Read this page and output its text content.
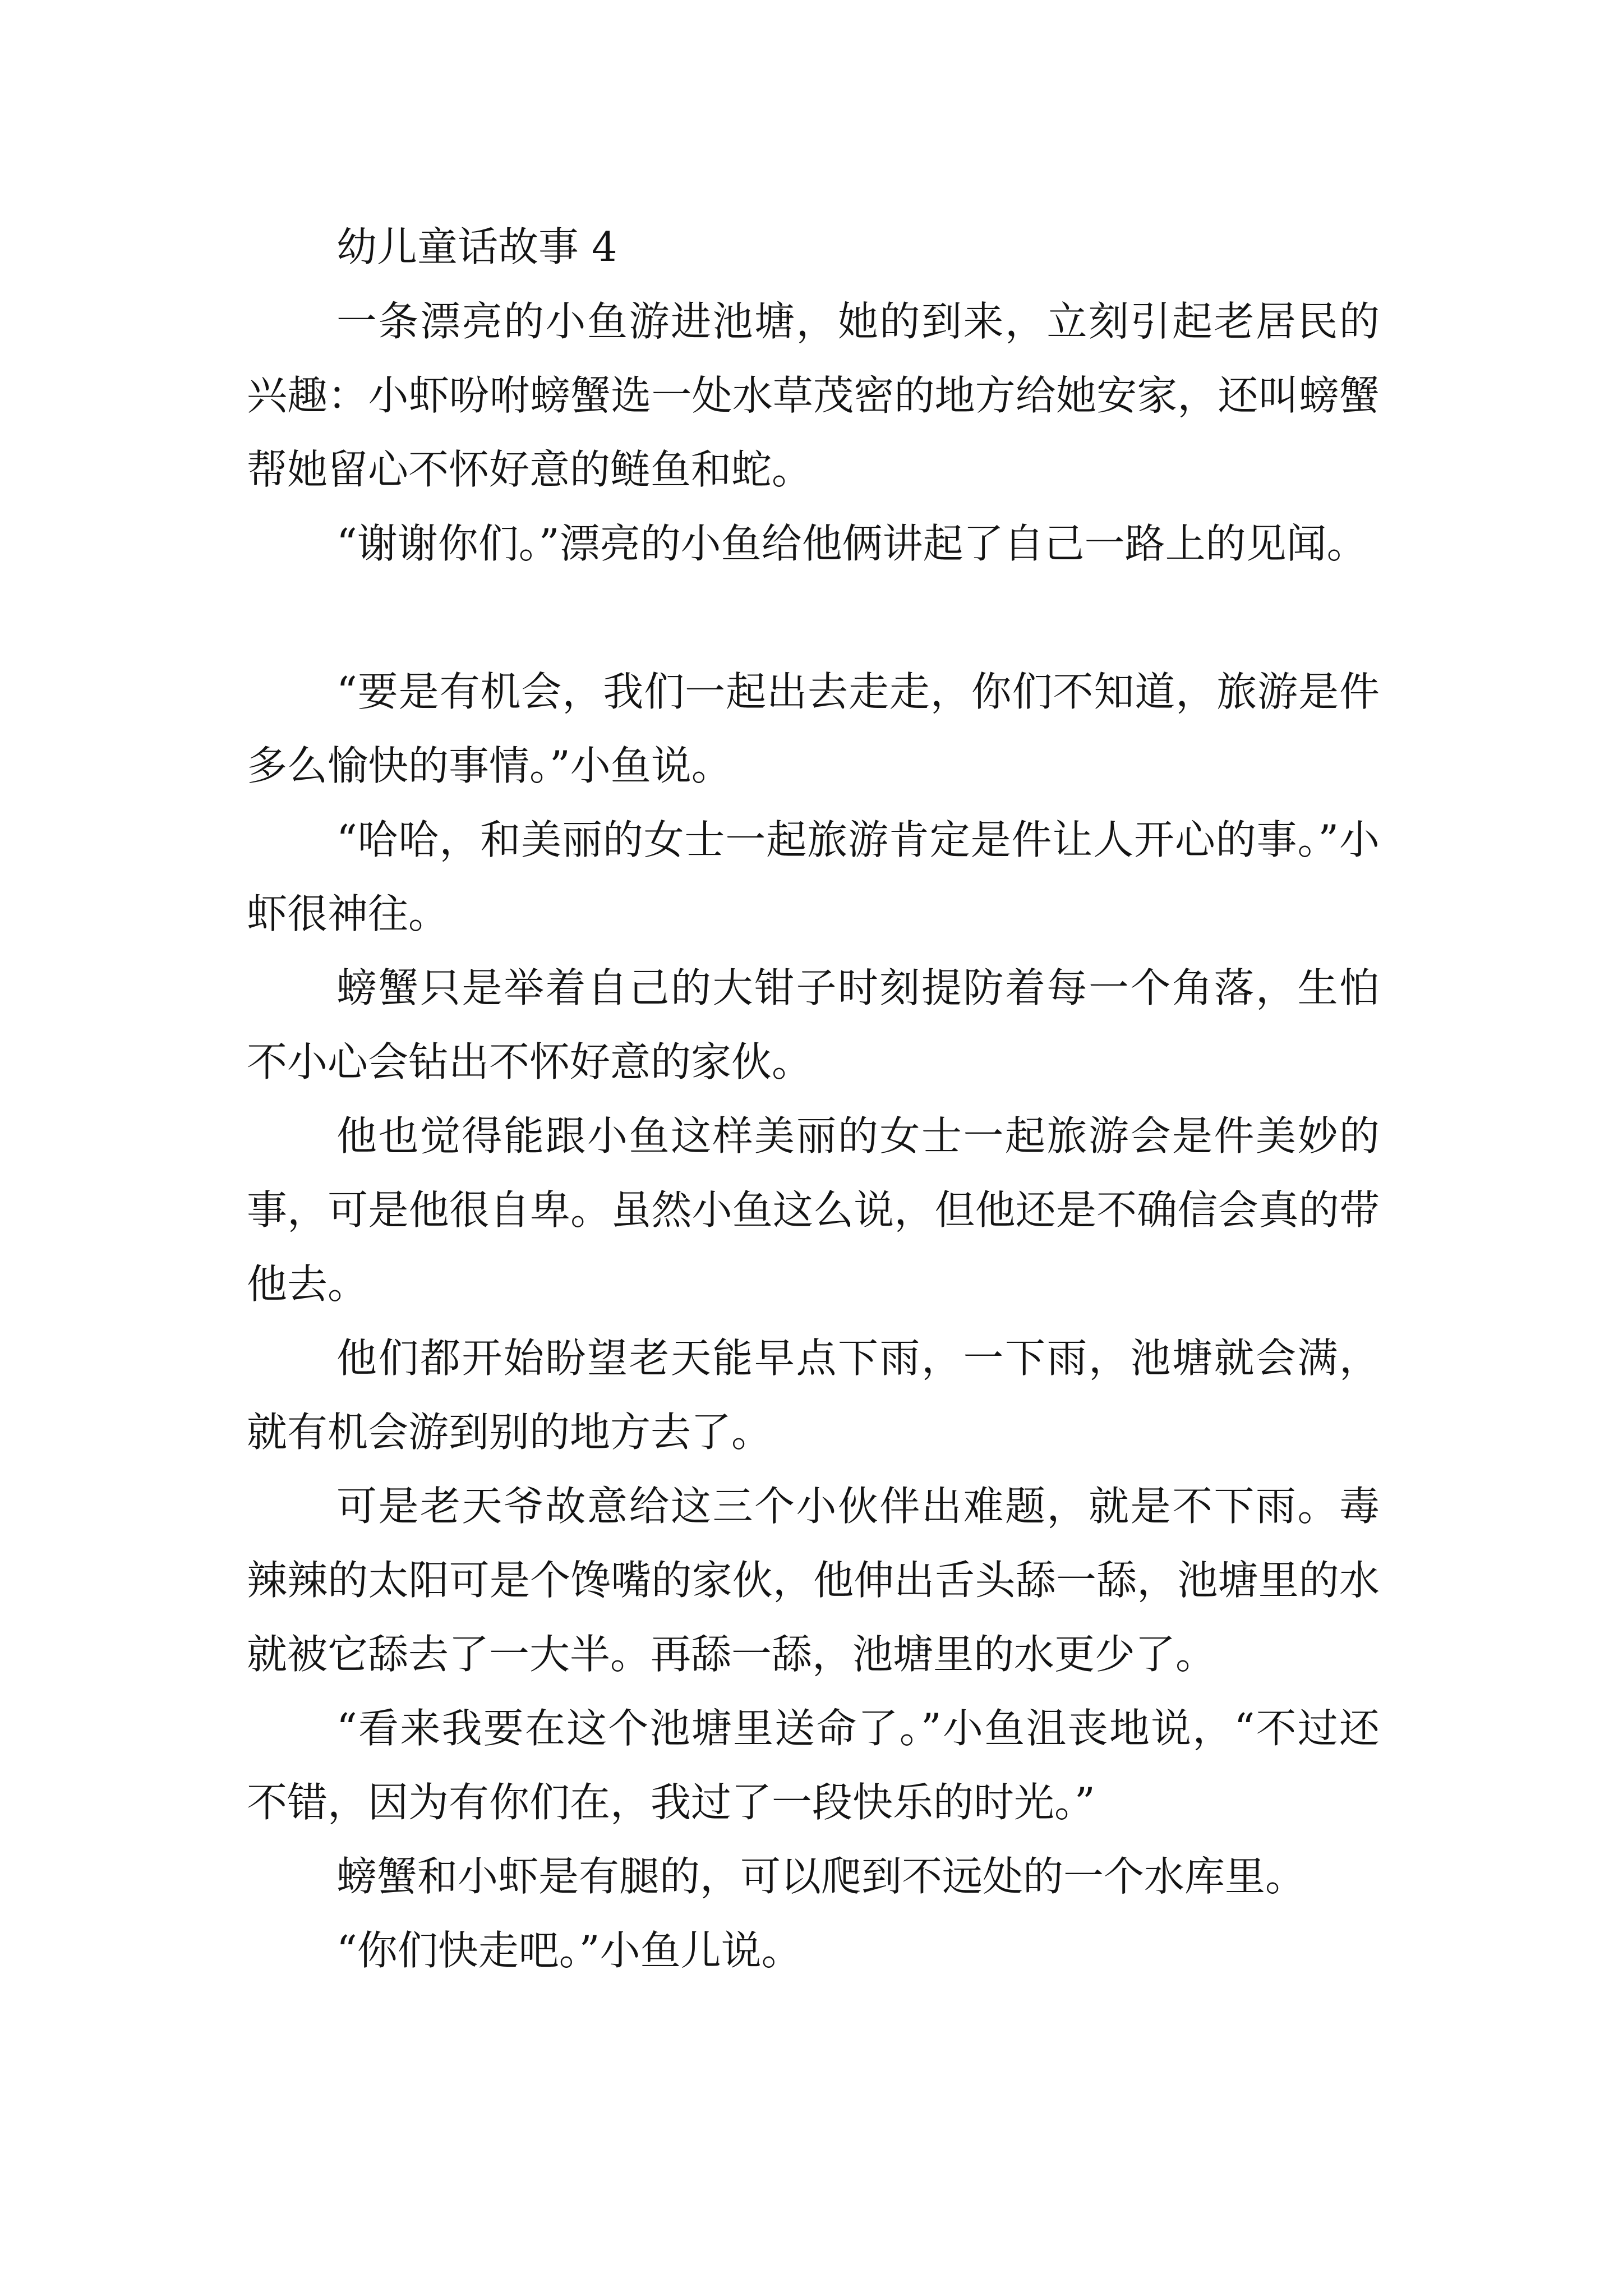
幼儿童话故事 4

一条漂亮的小鱼游进池塘，她的到来，立刻引起老居民的兴趣：小虾吩咐螃蟹选一处水草茂密的地方给她安家，还叫螃蟹帮她留心不怀好意的鲢鱼和蛇。

“谢谢你们。”漂亮的小鱼给他俩讲起了自己一路上的见闻。

“要是有机会，我们一起出去走走，你们不知道，旅游是件多么愉快的事情。”小鱼说。

“哈哈，和美丽的女士一起旅游肯定是件让人开心的事。”小虾很神往。

螃蟹只是举着自己的大钳子时刻提防着每一个角落，生怕不小心会钻出不怀好意的家伙。

他也觉得能跟小鱼这样美丽的女士一起旅游会是件美妙的事，可是他很自卑。虽然小鱼这么说，但他还是不确信会真的带他去。

他们都开始盼望老天能早点下雨，一下雨，池塘就会满，就有机会游到别的地方去了。

可是老天爷故意给这三个小伙伴出难题，就是不下雨。毒辣辣的太阳可是个馋嘴的家伙，他伸出舌头舔一舔，池塘里的水就被它舔去了一大半。再舔一舔，池塘里的水更少了。

“看来我要在这个池塘里送命了。”小鱼沮丧地说，“不过还不错，因为有你们在，我过了一段快乐的时光。”

螃蟹和小虾是有腿的，可以爬到不远处的一个水库里。

“你们快走吧。”小鱼儿说。
